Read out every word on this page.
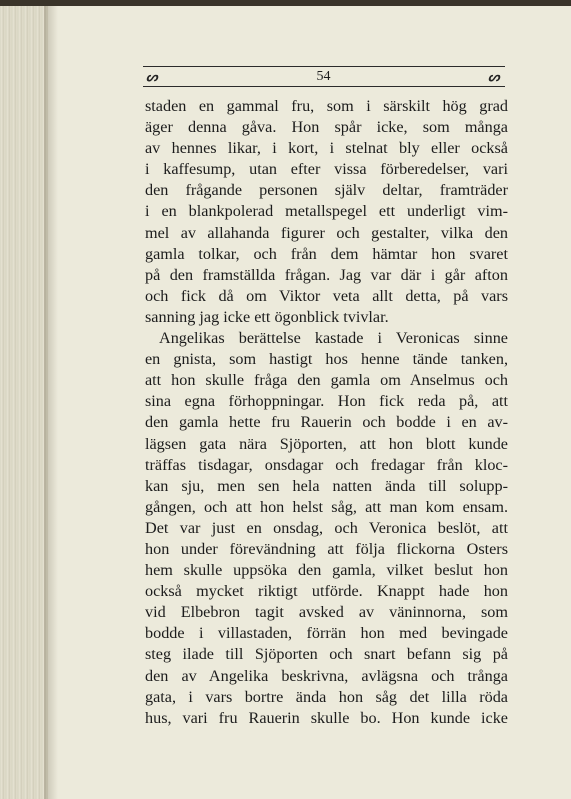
ᔕ	54	ᔕ
staden en gammal fru, som i särskilt hög grad
äger denna gåva. Hon spår icke, som många
av hennes likar, i kort, i stelnat bly eller också
i kaffesump, utan efter vissa förberedelser, vari
den frågande personen själv deltar, framträder
i en blankpolerad metallspegel ett underligt vim-
mel av allahanda figurer och gestalter, vilka den
gamla tolkar, och från dem hämtar hon svaret
på den framställda frågan. Jag var där i går afton
och fick då om Viktor veta allt detta, på vars
sanning jag icke ett ögonblick tvivlar.
Angelikas berättelse kastade i Veronicas sinne
en gnista, som hastigt hos henne tände tanken,
att hon skulle fråga den gamla om Anselmus och
sina egna förhoppningar. Hon fick reda på, att
den gamla hette fru Rauerin och bodde i en av-
lägsen gata nära Sjöporten, att hon blott kunde
träffas tisdagar, onsdagar och fredagar från kloc-
kan sju, men sen hela natten ända till solupp-
gången, och att hon helst såg, att man kom ensam.
Det var just en onsdag, och Veronica beslöt, att
hon under förevändning att följa flickorna Osters
hem skulle uppsöka den gamla, vilket beslut hon
också mycket riktigt utförde. Knappt hade hon
vid Elbebron tagit avsked av väninnorna, som
bodde i villastaden, förrän hon med bevingade
steg ilade till Sjöporten och snart befann sig på
den av Angelika beskrivna, avlägsna och trånga
gata, i vars bortre ända hon såg det lilla röda
hus, vari fru Rauerin skulle bo. Hon kunde icke
